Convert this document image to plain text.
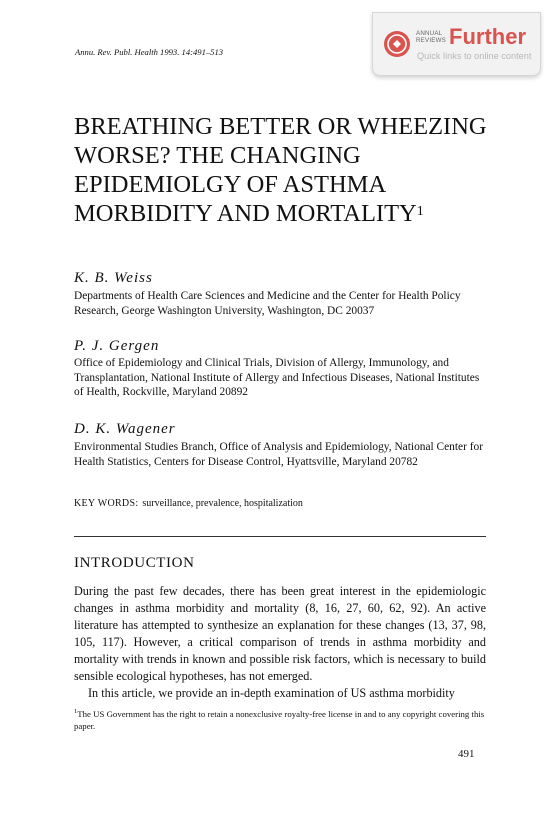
Annu. Rev. Publ. Health 1993. 14:491–513
ANNUAL
REVIEWS Further
Quick links to online content
BREATHING BETTER OR WHEEZING WORSE? THE CHANGING EPIDEMIOLGY OF ASTHMA MORBIDITY AND MORTALITY$^1$
K. B. Weiss
Departments of Health Care Sciences and Medicine and the Center for Health Policy Research, George Washington University, Washington, DC 20037
P. J. Gergen
Office of Epidemiology and Clinical Trials, Division of Allergy, Immunology, and Transplantation, National Institute of Allergy and Infectious Diseases, National Institutes of Health, Rockville, Maryland 20892
D. K. Wagener
Environmental Studies Branch, Office of Analysis and Epidemiology, National Center for Health Statistics, Centers for Disease Control, Hyattsville, Maryland 20782
KEY WORDS: surveillance, prevalence, hospitalization
INTRODUCTION

During the past few decades, there has been great interest in the epidemiologic changes in asthma morbidity and mortality (8, 16, 27, 60, 62, 92). An active literature has attempted to synthesize an explanation for these changes (13, 37, 98, 105, 117). However, a critical comparison of trends in asthma morbidity and mortality with trends in known and possible risk factors, which is necessary to build sensible ecological hypotheses, has not emerged.

In this article, we provide an in-depth examination of US asthma morbidity

$^1$The US Government has the right to retain a nonexclusive royalty-free license in and to any copyright covering this paper.
491
